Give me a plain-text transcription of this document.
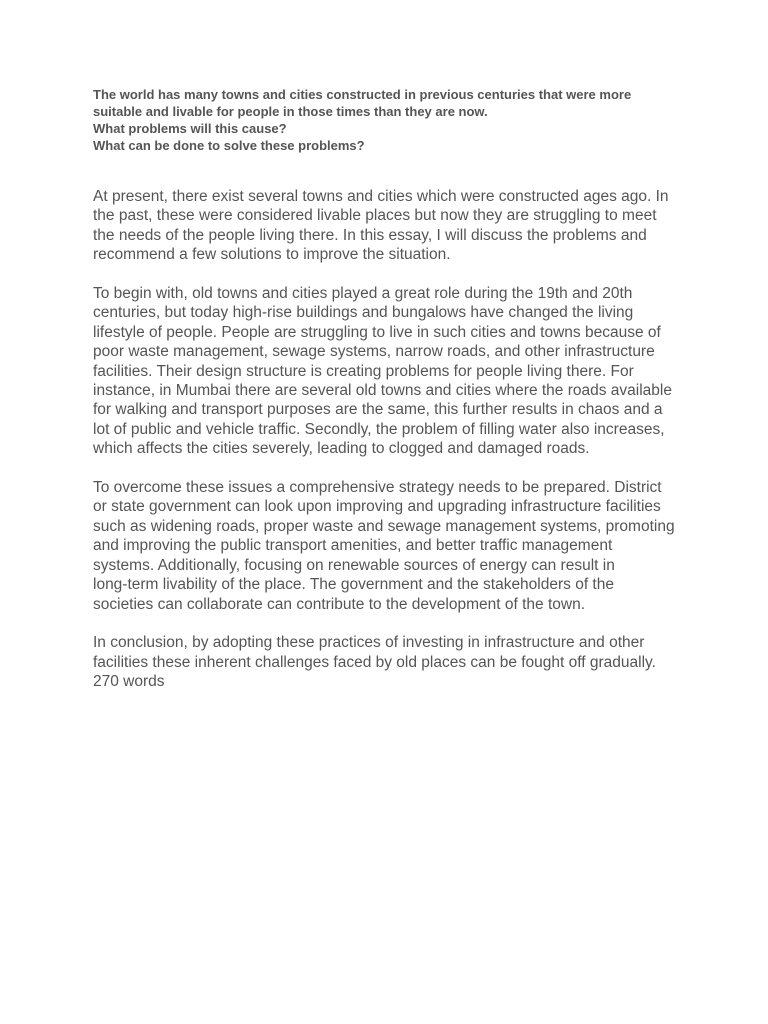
The world has many towns and cities constructed in previous centuries that were more
suitable and livable for people in those times than they are now.
What problems will this cause?
What can be done to solve these problems?

At present, there exist several towns and cities which were constructed ages ago. In
the past, these were considered livable places but now they are struggling to meet
the needs of the people living there. In this essay, I will discuss the problems and
recommend a few solutions to improve the situation.

To begin with, old towns and cities played a great role during the 19th and 20th
centuries, but today high-rise buildings and bungalows have changed the living
lifestyle of people. People are struggling to live in such cities and towns because of
poor waste management, sewage systems, narrow roads, and other infrastructure
facilities. Their design structure is creating problems for people living there. For
instance, in Mumbai there are several old towns and cities where the roads available
for walking and transport purposes are the same, this further results in chaos and a
lot of public and vehicle traffic. Secondly, the problem of filling water also increases,
which affects the cities severely, leading to clogged and damaged roads.

To overcome these issues a comprehensive strategy needs to be prepared. District
or state government can look upon improving and upgrading infrastructure facilities
such as widening roads, proper waste and sewage management systems, promoting
and improving the public transport amenities, and better traffic management
systems. Additionally, focusing on renewable sources of energy can result in
long-term livability of the place. The government and the stakeholders of the
societies can collaborate can contribute to the development of the town.

In conclusion, by adopting these practices of investing in infrastructure and other
facilities these inherent challenges faced by old places can be fought off gradually.
270 words
